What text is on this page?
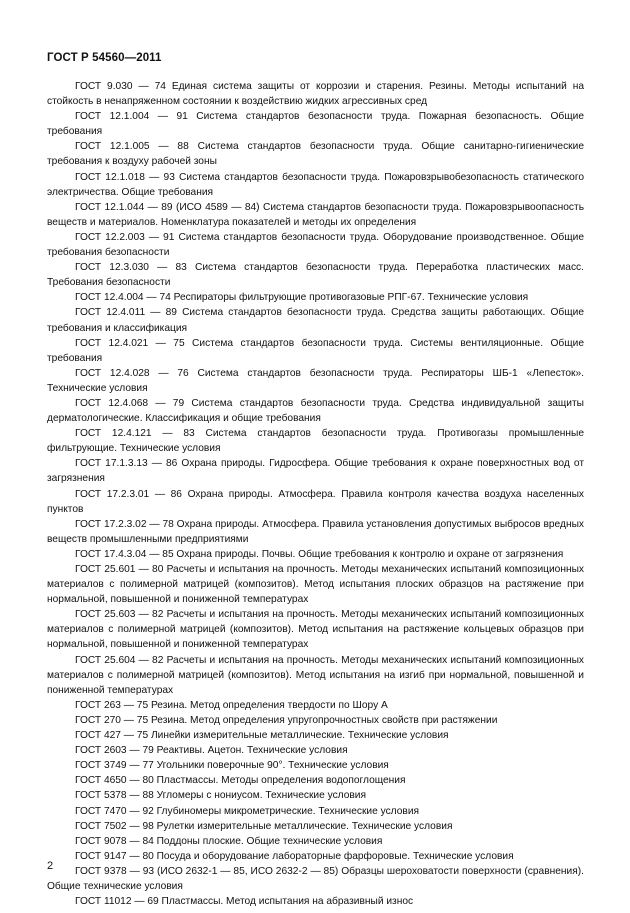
ГОСТ Р 54560—2011

ГОСТ 9.030 — 74 Единая система защиты от коррозии и старения. Резины. Методы испытаний на стойкость в ненапряженном состоянии к воздействию жидких агрессивных сред

ГОСТ 12.1.004 — 91 Система стандартов безопасности труда. Пожарная безопасность. Общие требования

ГОСТ 12.1.005 — 88 Система стандартов безопасности труда. Общие санитарно-гигиенические требования к воздуху рабочей зоны

ГОСТ 12.1.018 — 93 Система стандартов безопасности труда. Пожаровзрывобезопасность статического электричества. Общие требования

ГОСТ 12.1.044 — 89 (ИСО 4589 — 84) Система стандартов безопасности труда. Пожаровзрывоопасность веществ и материалов. Номенклатура показателей и методы их определения

ГОСТ 12.2.003 — 91 Система стандартов безопасности труда. Оборудование производственное. Общие требования безопасности

ГОСТ 12.3.030 — 83 Система стандартов безопасности труда. Переработка пластических масс. Требования безопасности

ГОСТ 12.4.004 — 74 Респираторы фильтрующие противогазовые РПГ-67. Технические условия

ГОСТ 12.4.011 — 89 Система стандартов безопасности труда. Средства защиты работающих. Общие требования и классификация

ГОСТ 12.4.021 — 75 Система стандартов безопасности труда. Системы вентиляционные. Общие требования

ГОСТ 12.4.028 — 76 Система стандартов безопасности труда. Респираторы ШБ-1 «Лепесток». Технические условия

ГОСТ 12.4.068 — 79 Система стандартов безопасности труда. Средства индивидуальной защиты дерматологические. Классификация и общие требования

ГОСТ 12.4.121 — 83 Система стандартов безопасности труда. Противогазы промышленные фильтрующие. Технические условия

ГОСТ 17.1.3.13 — 86 Охрана природы. Гидросфера. Общие требования к охране поверхностных вод от загрязнения

ГОСТ 17.2.3.01 — 86 Охрана природы. Атмосфера. Правила контроля качества воздуха населенных пунктов

ГОСТ 17.2.3.02 — 78 Охрана природы. Атмосфера. Правила установления допустимых выбросов вредных веществ промышленными предприятиями

ГОСТ 17.4.3.04 — 85 Охрана природы. Почвы. Общие требования к контролю и охране от загрязнения

ГОСТ 25.601 — 80 Расчеты и испытания на прочность. Методы механических испытаний композиционных материалов с полимерной матрицей (композитов). Метод испытания плоских образцов на растяжение при нормальной, повышенной и пониженной температурах

ГОСТ 25.603 — 82 Расчеты и испытания на прочность. Методы механических испытаний композиционных материалов с полимерной матрицей (композитов). Метод испытания на растяжение кольцевых образцов при нормальной, повышенной и пониженной температурах

ГОСТ 25.604 — 82 Расчеты и испытания на прочность. Методы механических испытаний композиционных материалов с полимерной матрицей (композитов). Метод испытания на изгиб при нормальной, повышенной и пониженной температурах

ГОСТ 263 — 75 Резина. Метод определения твердости по Шору А

ГОСТ 270 — 75 Резина. Метод определения упругопрочностных свойств при растяжении

ГОСТ 427 — 75 Линейки измерительные металлические. Технические условия

ГОСТ 2603 — 79 Реактивы. Ацетон. Технические условия

ГОСТ 3749 — 77 Угольники поверочные 90°. Технические условия

ГОСТ 4650 — 80 Пластмассы. Методы определения водопоглощения

ГОСТ 5378 — 88 Угломеры с нониусом. Технические условия

ГОСТ 7470 — 92 Глубиномеры микрометрические. Технические условия

ГОСТ 7502 — 98 Рулетки измерительные металлические. Технические условия

ГОСТ 9078 — 84 Поддоны плоские. Общие технические условия

ГОСТ 9147 — 80 Посуда и оборудование лабораторные фарфоровые. Технические условия

ГОСТ 9378 — 93 (ИСО 2632-1 — 85, ИСО 2632-2 — 85) Образцы шероховатости поверхности (сравнения). Общие технические условия

ГОСТ 11012 — 69 Пластмассы. Метод испытания на абразивный износ

2
